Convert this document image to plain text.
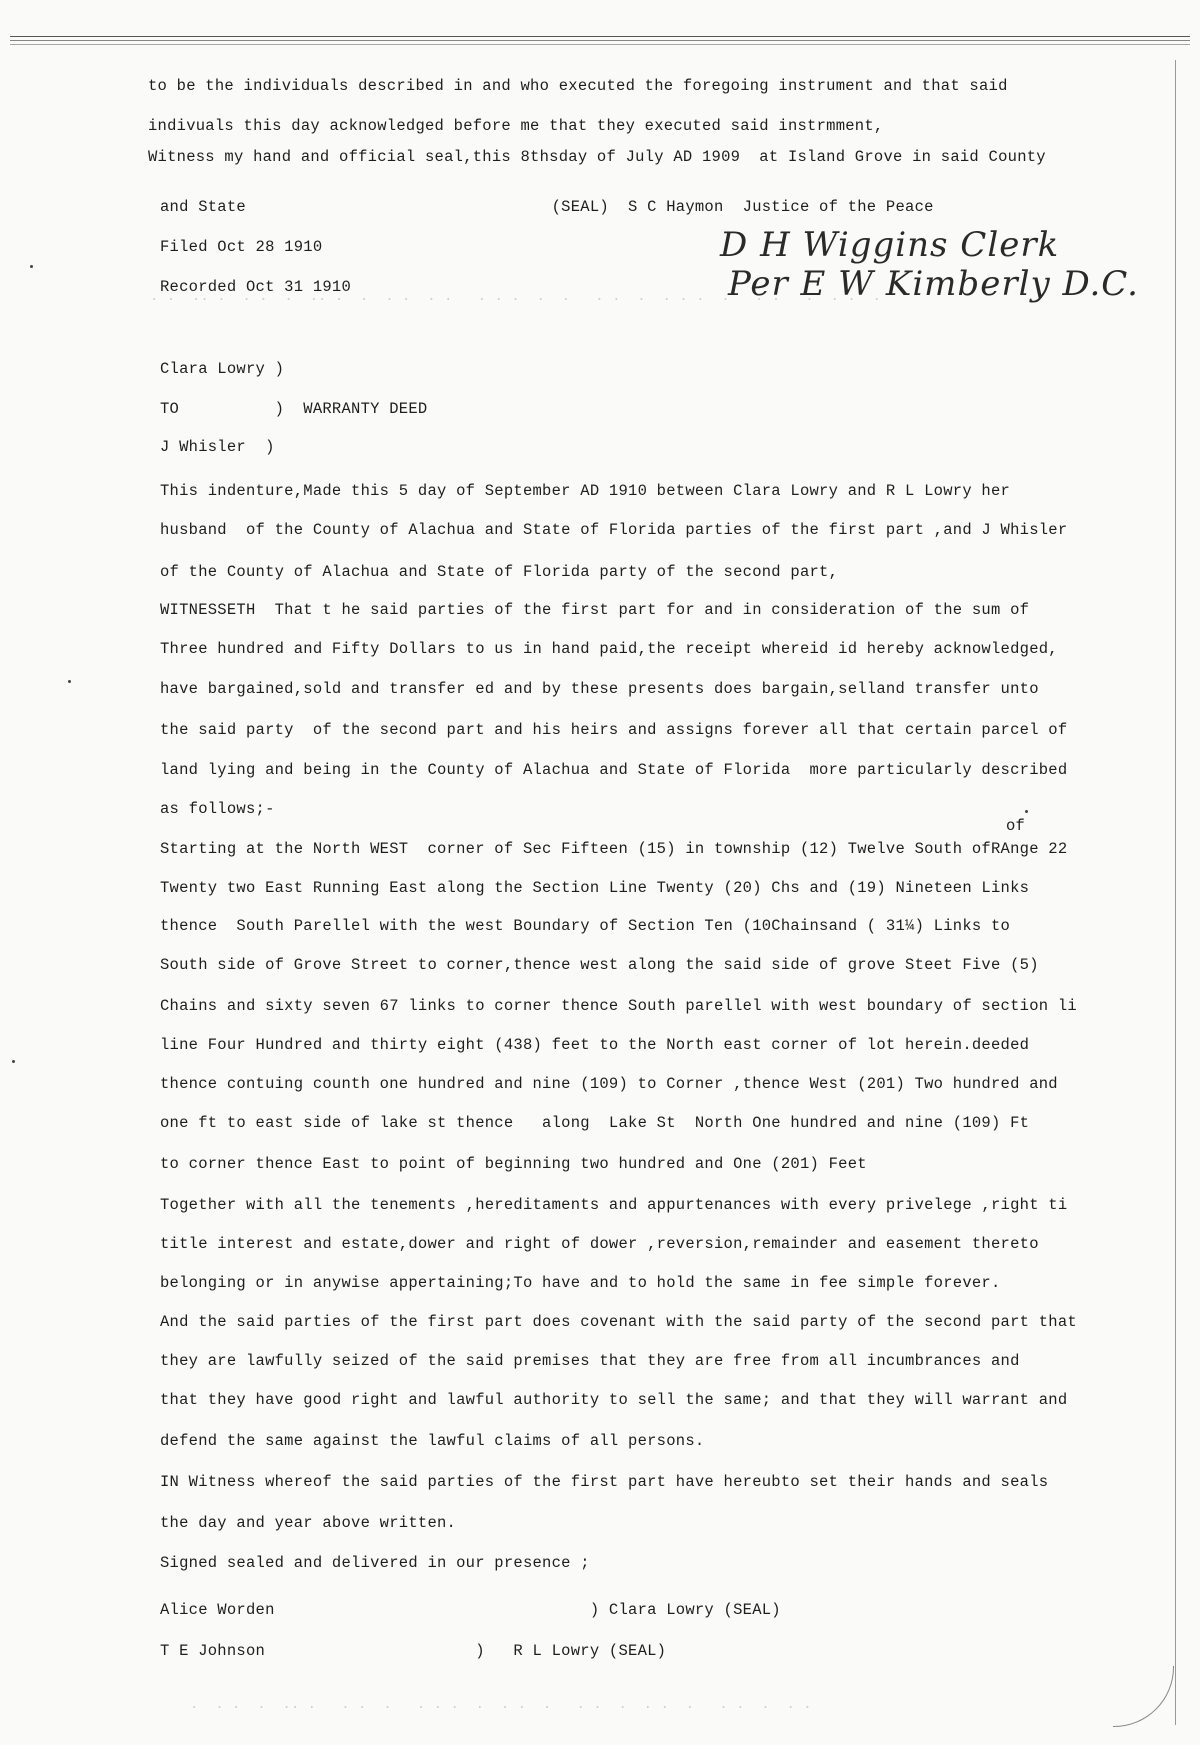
· ·  ·· ·  · ·  ·  ·· ·  ·  · ·  · ·   · · ·  ·  ·   · ·  ·  · · ·  ·   · ·   ·  · ·  ·
·  · ·  ·  ·· ·   · ·  ·   · · ·  ·  · ·  ·   · ·  ·  · ·  ·   · ·  ·  · ·
to be the individuals described in and who executed the foregoing instrument and that said
indivuals this day acknowledged before me that they executed said instrmment,
Witness my hand and official seal,this 8thsday of July AD 1909  at Island Grove in said County
and State                                (SEAL)  S C Haymon  Justice of the Peace
Filed Oct 28 1910
Recorded Oct 31 1910
D H Wiggins Clerk
Per E W Kimberly D.C.
Clara Lowry )
TO          )  WARRANTY DEED
J Whisler  )
This indenture,Made this 5 day of September AD 1910 between Clara Lowry and R L Lowry her
husband  of the County of Alachua and State of Florida parties of the first part ,and J Whisler
of the County of Alachua and State of Florida party of the second part,
WITNESSETH  That t he said parties of the first part for and in consideration of the sum of
Three hundred and Fifty Dollars to us in hand paid,the receipt whereid id hereby acknowledged,
have bargained,sold and transfer ed and by these presents does bargain,selland transfer unto
the said party  of the second part and his heirs and assigns forever all that certain parcel of
land lying and being in the County of Alachua and State of Florida  more particularly described
as follows;-
of
Starting at the North WEST  corner of Sec Fifteen (15) in township (12) Twelve South ofRAnge 22
Twenty two East Running East along the Section Line Twenty (20) Chs and (19) Nineteen Links
thence  South Parellel with the west Boundary of Section Ten (10Chainsand ( 31¼) Links to
South side of Grove Street to corner,thence west along the said side of grove Steet Five (5)
Chains and sixty seven 67 links to corner thence South parellel with west boundary of section li
line Four Hundred and thirty eight (438) feet to the North east corner of lot herein.deeded
thence contuing counth one hundred and nine (109) to Corner ,thence West (201) Two hundred and
one ft to east side of lake st thence   along  Lake St  North One hundred and nine (109) Ft
to corner thence East to point of beginning two hundred and One (201) Feet
Together with all the tenements ,hereditaments and appurtenances with every privelege ,right ti
title interest and estate,dower and right of dower ,reversion,remainder and easement thereto
belonging or in anywise appertaining;To have and to hold the same in fee simple forever.
And the said parties of the first part does covenant with the said party of the second part that
they are lawfully seized of the said premises that they are free from all incumbrances and
that they have good right and lawful authority to sell the same; and that they will warrant and
defend the same against the lawful claims of all persons.
IN Witness whereof the said parties of the first part have hereubto set their hands and seals
the day and year above written.
Signed sealed and delivered in our presence ;
Alice Worden                                 ) Clara Lowry (SEAL)
T E Johnson                      )   R L Lowry (SEAL)
